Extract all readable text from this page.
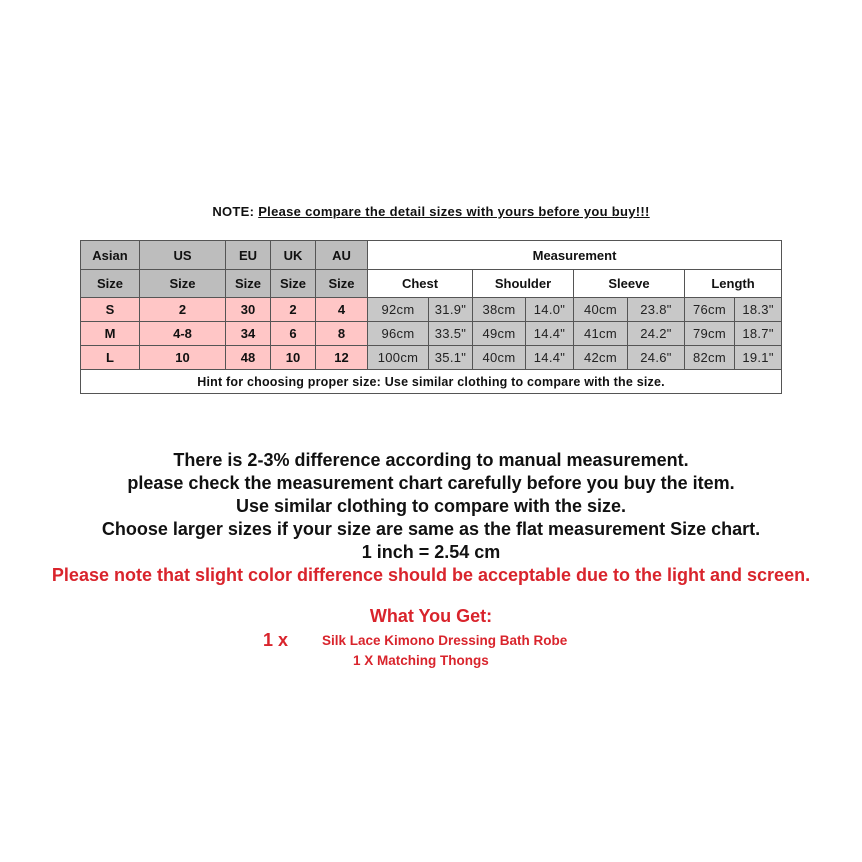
NOTE: Please compare the detail sizes with yours before you buy!!!
Asian	US	EU	UK	AU	Measurement							
Size	Size	Size	Size	Size	Chest		Shoulder		Sleeve		Length	
S	2	30	2	4	92cm	31.9"	38cm	14.0"	40cm	23.8"	76cm	18.3"
M	4-8	34	6	8	96cm	33.5"	49cm	14.4"	41cm	24.2"	79cm	18.7"
L	10	48	10	12	100cm	35.1"	40cm	14.4"	42cm	24.6"	82cm	19.1"
Hint for choosing proper size: Use similar clothing to compare with the size.												
There is 2-3% difference according to manual measurement.
please check the measurement chart carefully before you buy the item.
Use similar clothing to compare with the size.
Choose larger sizes if your size are same as the flat measurement Size chart.
1 inch = 2.54 cm
Please note that slight color difference should be acceptable due to the light and screen.
What You Get:
1 x	Silk Lace Kimono Dressing Bath Robe
1 X Matching Thongs
